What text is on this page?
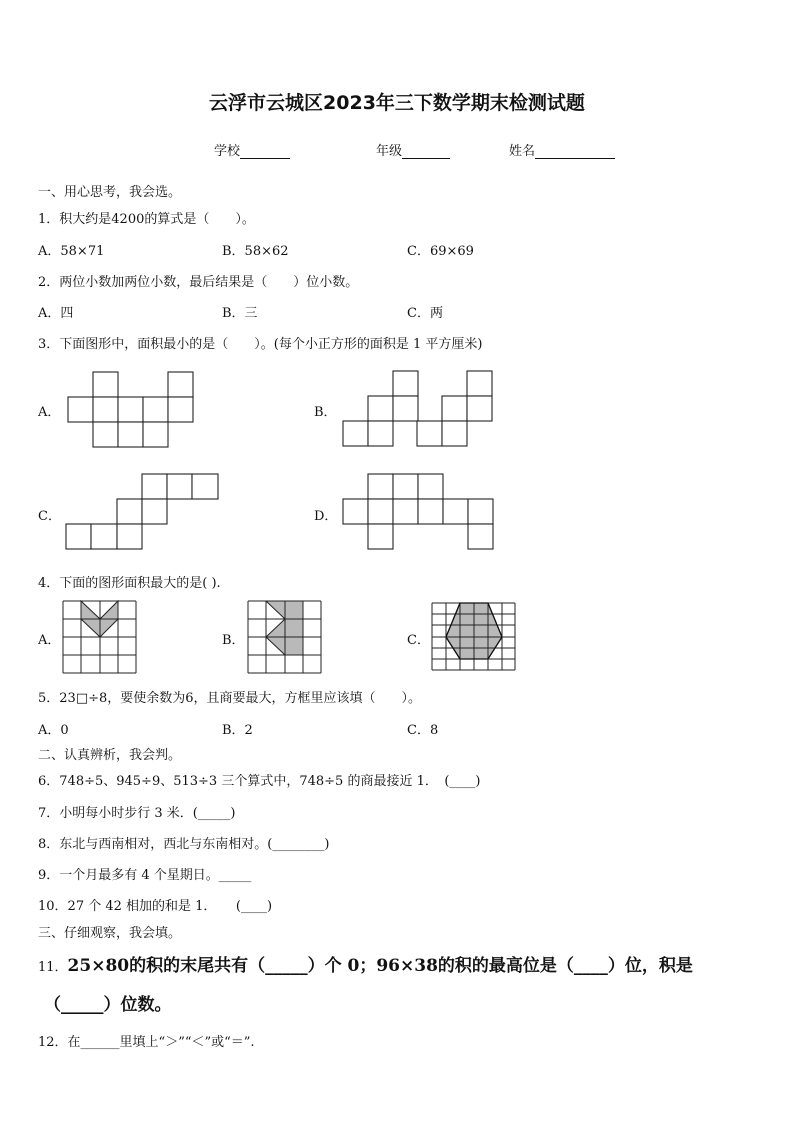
云浮市云城区2023年三下数学期末检测试题
学校	年级	姓名
一、用心思考，我会选。
1．积大约是4200的算式是（　　）。
A．58×71	B．58×62	C．69×69
2．两位小数加两位小数，最后结果是（　　）位小数。
A．四	B．三	C．两
3．下面图形中，面积最小的是（　　）。(每个小正方形的面积是 1 平方厘米)
A．	B．
C．	D．
4．下面的图形面积最大的是( ).
A．	B．	C．
5．23□÷8，要使余数为6，且商要最大，方框里应该填（　　）。
A．0	B．2	C．8
二、认真辨析，我会判。
6．748÷5、945÷9、513÷3 三个算式中，748÷5 的商最接近 1．　(____)
7．小明每小时步行 3 米．(_____)
8．东北与西南相对，西北与东南相对。(________)
9．一个月最多有 4 个星期日。_____
10．27 个 42 相加的和是 1．　　(____)
三、仔细观察，我会填。
11．25×80的积的末尾共有（_____）个 0；96×38的积的最高位是（____）位，积是
（_____）位数。
12．在______里填上“＞”“＜”或“＝”.
